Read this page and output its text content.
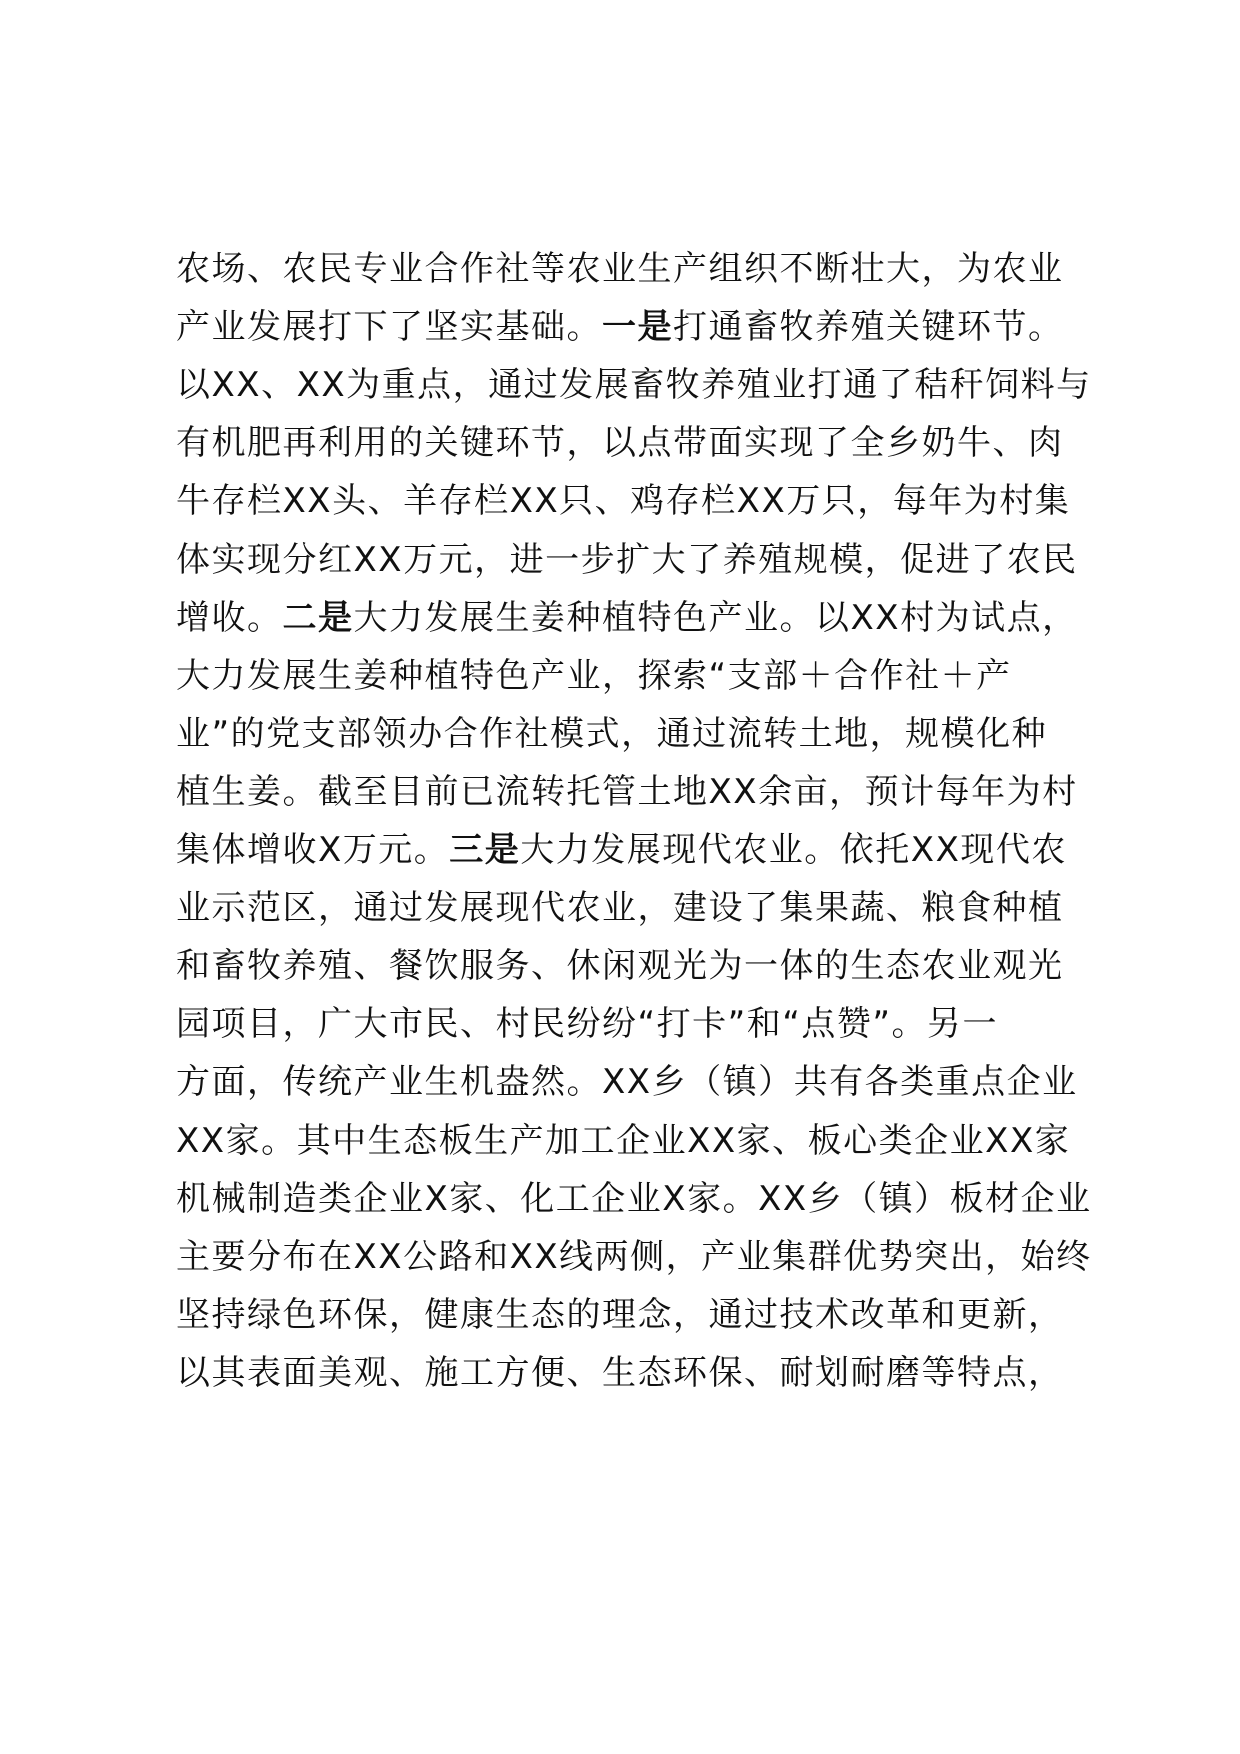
农场、农民专业合作社等农业生产组织不断壮大，为农业
产业发展打下了坚实基础。一是打通畜牧养殖关键环节。
以XX、XX为重点，通过发展畜牧养殖业打通了秸秆饲料与
有机肥再利用的关键环节，以点带面实现了全乡奶牛、肉
牛存栏XX头、羊存栏XX只、鸡存栏XX万只，每年为村集
体实现分红XX万元，进一步扩大了养殖规模，促进了农民
增收。二是大力发展生姜种植特色产业。以XX村为试点，
大力发展生姜种植特色产业，探索“支部＋合作社＋产
业”的党支部领办合作社模式，通过流转土地，规模化种
植生姜。截至目前已流转托管土地XX余亩，预计每年为村
集体增收X万元。三是大力发展现代农业。依托XX现代农
业示范区，通过发展现代农业，建设了集果蔬、粮食种植
和畜牧养殖、餐饮服务、休闲观光为一体的生态农业观光
园项目，广大市民、村民纷纷“打卡”和“点赞”。另一
方面，传统产业生机盎然。XX乡（镇）共有各类重点企业
XX家。其中生态板生产加工企业XX家、板心类企业XX家
机械制造类企业X家、化工企业X家。XX乡（镇）板材企业
主要分布在XX公路和XX线两侧，产业集群优势突出，始终
坚持绿色环保，健康生态的理念，通过技术改革和更新，
以其表面美观、施工方便、生态环保、耐划耐磨等特点，
